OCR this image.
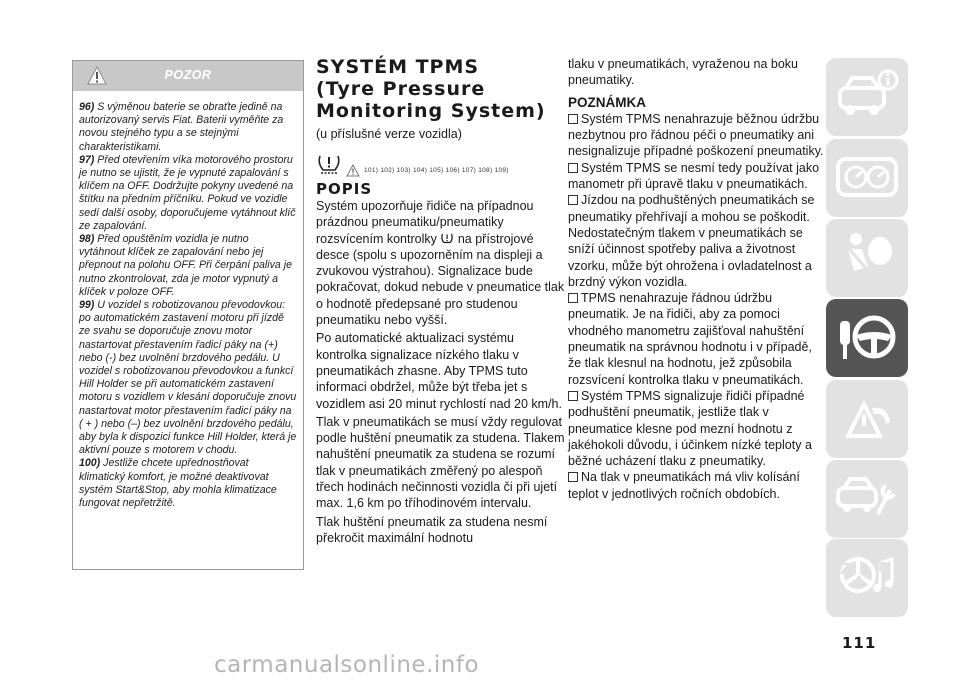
POZOR
96) S výměnou baterie se obraťte jedině na autorizovaný servis Fiat. Baterii vyměňte za novou stejného typu a se stejnými charakteristikami.
97) Před otevřením víka motorového prostoru je nutno se ujistit, že je vypnuté zapalování s klíčem na OFF. Dodržujte pokyny uvedené na štítku na předním příčníku. Pokud ve vozidle sedí další osoby, doporučujeme vytáhnout klíč ze zapalování.
98) Před opuštěním vozidla je nutno vytáhnout klíček ze zapalování nebo jej přepnout na polohu OFF. Při čerpání paliva je nutno zkontrolovat, zda je motor vypnutý a klíček v poloze OFF.
99) U vozidel s robotizovanou převodovkou: po automatickém zastavení motoru při jízdě ze svahu se doporučuje znovu motor nastartovat přestavením řadicí páky na (+) nebo (-) bez uvolnění brzdového pedálu. U vozidel s robotizovanou převodovkou a funkcí Hill Holder se při automatickém zastavení motoru s vozidlem v klesání doporučuje znovu nastartovat motor přestavením řadicí páky na ( + ) nebo (–) bez uvolnění brzdového pedálu, aby byla k dispozici funkce Hill Holder, která je aktivní pouze s motorem v chodu.
100) Jestliže chcete upřednostňovat klimatický komfort, je možné deaktivovat systém Start&Stop, aby mohla klimatizace fungovat nepřetržitě.
SYSTÉM TPMS
(Tyre Pressure
Monitoring System)
(u příslušné verze vozidla)
101) 102) 103) 104) 105) 106) 107) 108) 109)
POPIS
Systém upozorňuje řidiče na případnou prázdnou pneumatiku/pneumatiky rozsvícením kontrolky na přístrojové desce (spolu s upozorněním na displeji a zvukovou výstrahou). Signalizace bude pokračovat, dokud nebude v pneumatice tlak o hodnotě předepsané pro studenou pneumatiku nebo vyšší.
Po automatické aktualizaci systému kontrolka signalizace nízkého tlaku v pneumatikách zhasne. Aby TPMS tuto informaci obdržel, může být třeba jet s vozidlem asi 20 minut rychlostí nad 20 km/h.
Tlak v pneumatikách se musí vždy regulovat podle huštění pneumatik za studena. Tlakem nahuštění pneumatik za studena se rozumí tlak v pneumatikách změřený po alespoň třech hodinách nečinnosti vozidla či při ujetí max. 1,6 km po tříhodinovém intervalu.
Tlak huštění pneumatik za studena nesmí překročit maximální hodnotu
tlaku v pneumatikách, vyraženou na boku pneumatiky.
POZNÁMKA
Systém TPMS nenahrazuje běžnou údržbu nezbytnou pro řádnou péči o pneumatiky ani nesignalizuje případné poškození pneumatiky.
Systém TPMS se nesmí tedy používat jako manometr při úpravě tlaku v pneumatikách.
Jízdou na podhuštěných pneumatikách se pneumatiky přehřívají a mohou se poškodit. Nedostatečným tlakem v pneumatikách se sníží účinnost spotřeby paliva a životnost vzorku, může být ohrožena i ovladatelnost a brzdný výkon vozidla.
TPMS nenahrazuje řádnou údržbu pneumatik. Je na řidiči, aby za pomoci vhodného manometru zajišťoval nahuštění pneumatik na správnou hodnotu i v případě, že tlak klesnul na hodnotu, jež způsobila rozsvícení kontrolka tlaku v pneumatikách.
Systém TPMS signalizuje řidiči případné podhuštění pneumatik, jestliže tlak v pneumatice klesne pod mezní hodnotu z jakéhokoli důvodu, i účinkem nízké teploty a běžné ucházení tlaku z pneumatiky.
Na tlak v pneumatikách má vliv kolísání teplot v jednotlivých ročních obdobích.
Z E
A
B	D
C T
111
carmanualsonline.info
